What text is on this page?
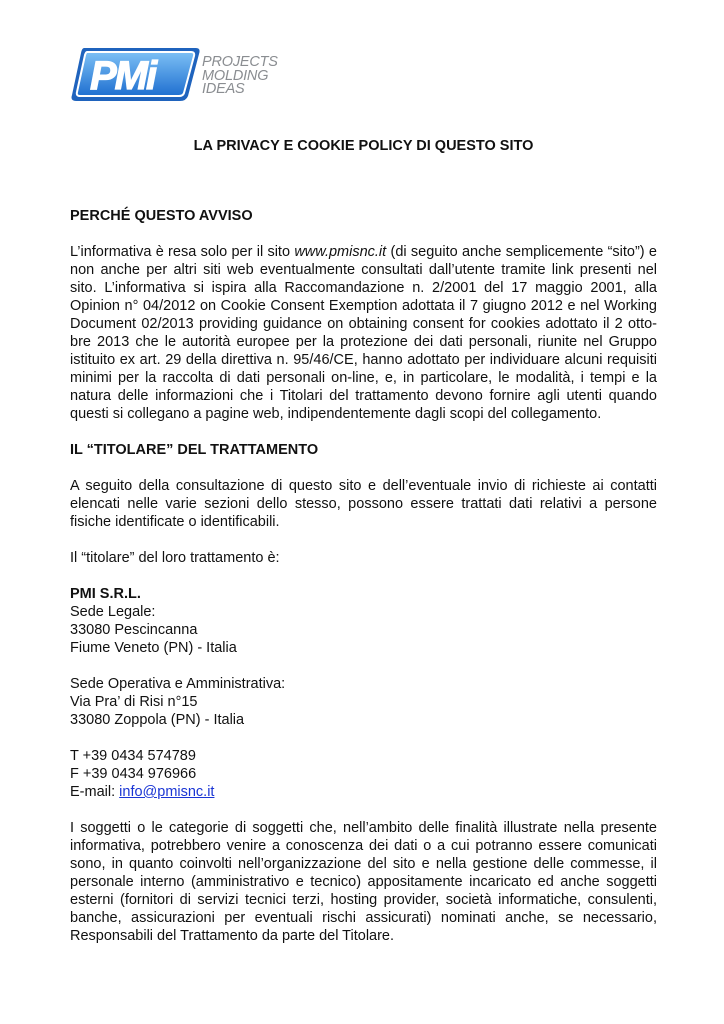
PMi	PROJECTS
MOLDING
IDEAS

LA PRIVACY E COOKIE POLICY DI QUESTO SITO

PERCHÉ QUESTO AVVISO

L’informativa è resa solo per il sito www.pmisnc.it (di seguito anche semplicemente “sito”) e non anche per altri siti web eventualmente consultati dall’utente tramite link presenti nel sito. L’informativa si ispira alla Raccomandazione n. 2/2001 del 17 maggio 2001, alla Opinion n° 04/2012 on Cookie Consent Exemption adottata il 7 giugno 2012 e nel Working Document 02/2013 providing guidance on obtaining consent for cookies adottato il 2 otto-bre 2013 che le autorità europee per la protezione dei dati personali, riunite nel Gruppo istituito ex art. 29 della direttiva n. 95/46/CE, hanno adottato per individuare alcuni requisiti minimi per la raccolta di dati personali on-line, e, in particolare, le modalità, i tempi e la natura delle informazioni che i Titolari del trattamento devono fornire agli utenti quando questi si collegano a pagine web, indipendentemente dagli scopi del collegamento.

IL “TITOLARE” DEL TRATTAMENTO

A seguito della consultazione di questo sito e dell’eventuale invio di richieste ai contatti elencati nelle varie sezioni dello stesso, possono essere trattati dati relativi a persone fisiche identificate o identificabili.

Il “titolare” del loro trattamento è:

PMI S.R.L.

Sede Legale:

33080 Pescincanna

Fiume Veneto (PN) - Italia

Sede Operativa e Amministrativa:

Via Pra’ di Risi n°15

33080 Zoppola (PN) - Italia

T +39 0434 574789

F +39 0434 976966

E-mail: info@pmisnc.it

I soggetti o le categorie di soggetti che, nell’ambito delle finalità illustrate nella presente informativa, potrebbero venire a conoscenza dei dati o a cui potranno essere comunicati sono, in quanto coinvolti nell’organizzazione del sito e nella gestione delle commesse, il personale interno (amministrativo e tecnico) appositamente incaricato ed anche soggetti esterni (fornitori di servizi tecnici terzi, hosting provider, società informatiche, consulenti, banche, assicurazioni per eventuali rischi assicurati) nominati anche, se necessario, Responsabili del Trattamento da parte del Titolare.
